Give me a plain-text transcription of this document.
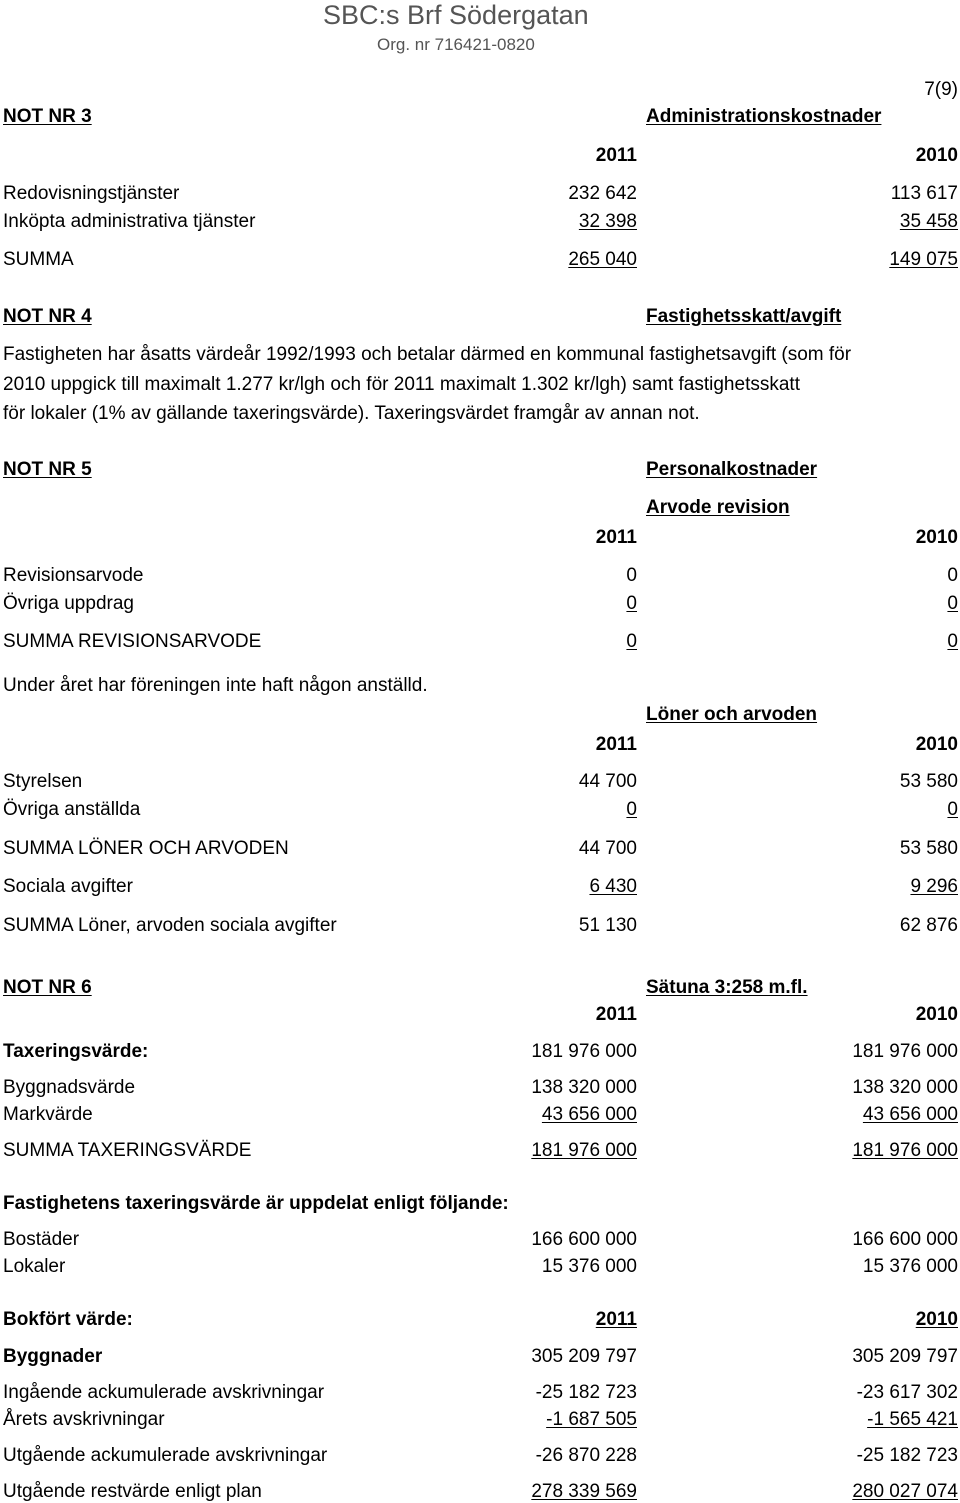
SBC:s Brf Södergatan
Org. nr 716421-0820
7(9)
NOT NR 3	Administrationskostnader
2011	2010
Redovisningstjänster	232 642	113 617
Inköpta administrativa tjänster	32 398	35 458
SUMMA	265 040	149 075
NOT NR 4	Fastighetsskatt/avgift
Fastigheten har åsatts värdeår 1992/1993 och betalar därmed en kommunal fastighetsavgift (som för
2010 uppgick till maximalt 1.277 kr/lgh och för 2011 maximalt 1.302 kr/lgh) samt fastighetsskatt
för lokaler (1% av gällande taxeringsvärde). Taxeringsvärdet framgår av annan not.
NOT NR 5	Personalkostnader
Arvode revision
2011	2010
Revisionsarvode	0	0
Övriga uppdrag	0	0
SUMMA REVISIONSARVODE	0	0
Under året har föreningen inte haft någon anställd.
Löner och arvoden
2011	2010
Styrelsen	44 700	53 580
Övriga anställda	0	0
SUMMA LÖNER OCH ARVODEN	44 700	53 580
Sociala avgifter	6 430	9 296
SUMMA Löner, arvoden sociala avgifter	51 130	62 876
NOT NR 6	Sätuna 3:258 m.fl.
2011	2010
Taxeringsvärde:	181 976 000	181 976 000
Byggnadsvärde	138 320 000	138 320 000
Markvärde	43 656 000	43 656 000
SUMMA TAXERINGSVÄRDE	181 976 000	181 976 000
Fastighetens taxeringsvärde är uppdelat enligt följande:
Bostäder	166 600 000	166 600 000
Lokaler	15 376 000	15 376 000
Bokfört värde:	2011	2010
Byggnader	305 209 797	305 209 797
Ingående ackumulerade avskrivningar	-25 182 723	-23 617 302
Årets avskrivningar	-1 687 505	-1 565 421
Utgående ackumulerade avskrivningar	-26 870 228	-25 182 723
Utgående restvärde enligt plan	278 339 569	280 027 074
